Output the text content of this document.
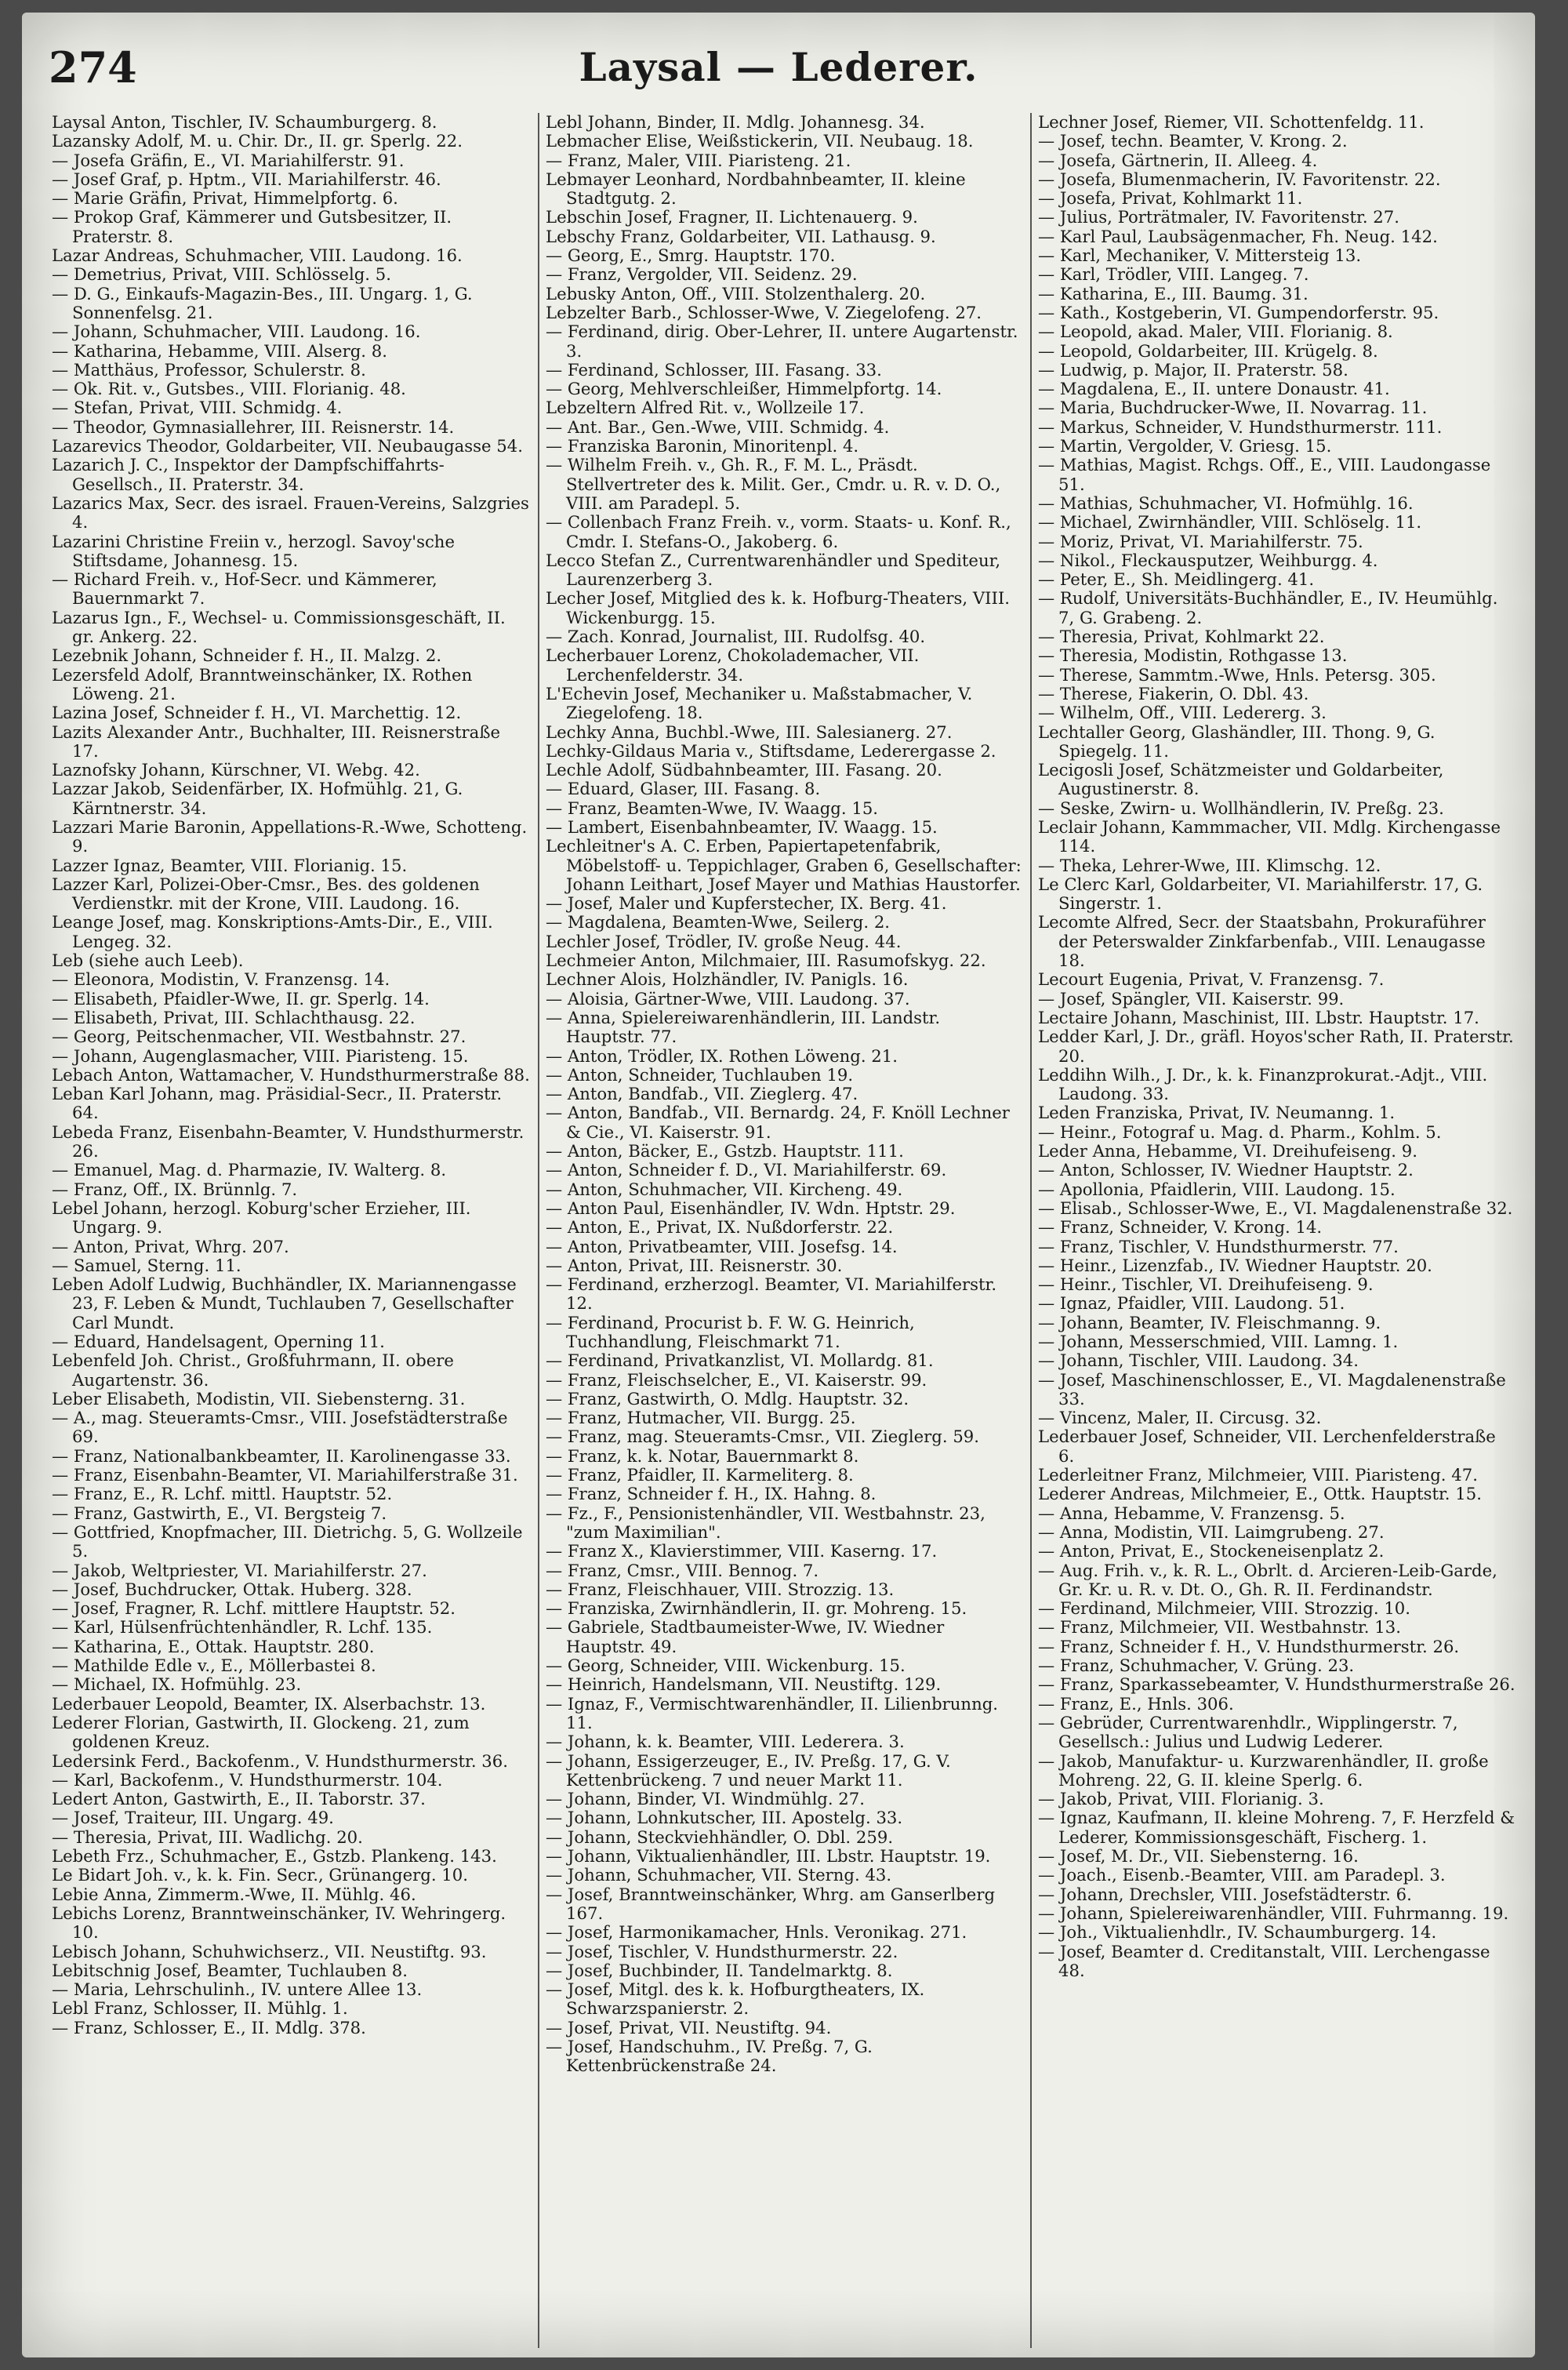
274	Laysal — Lederer.

Laysal Anton, Tischler, IV. Schaumburgerg. 8.

Lazansky Adolf, M. u. Chir. Dr., II. gr. Sperlg. 22.

— Josefa Gräfin, E., VI. Mariahilferstr. 91.

— Josef Graf, p. Hptm., VII. Mariahilferstr. 46.

— Marie Gräfin, Privat, Himmelpfortg. 6.

— Prokop Graf, Kämmerer und Gutsbesitzer, II. Praterstr. 8.

Lazar Andreas, Schuhmacher, VIII. Laudong. 16.

— Demetrius, Privat, VIII. Schlösselg. 5.

— D. G., Einkaufs-Magazin-Bes., III. Ungarg. 1, G. Sonnenfelsg. 21.

— Johann, Schuhmacher, VIII. Laudong. 16.

— Katharina, Hebamme, VIII. Alserg. 8.

— Matthäus, Professor, Schulerstr. 8.

— Ok. Rit. v., Gutsbes., VIII. Florianig. 48.

— Stefan, Privat, VIII. Schmidg. 4.

— Theodor, Gymnasiallehrer, III. Reisnerstr. 14.

Lazarevics Theodor, Goldarbeiter, VII. Neubaugasse 54.

Lazarich J. C., Inspektor der Dampfschiffahrts-Gesellsch., II. Praterstr. 34.

Lazarics Max, Secr. des israel. Frauen-Vereins, Salzgries 4.

Lazarini Christine Freiin v., herzogl. Savoy'sche Stiftsdame, Johannesg. 15.

— Richard Freih. v., Hof-Secr. und Kämmerer, Bauernmarkt 7.

Lazarus Ign., F., Wechsel- u. Commissionsgeschäft, II. gr. Ankerg. 22.

Lezebnik Johann, Schneider f. H., II. Malzg. 2.

Lezersfeld Adolf, Branntweinschänker, IX. Rothen Löweng. 21.

Lazina Josef, Schneider f. H., VI. Marchettig. 12.

Lazits Alexander Antr., Buchhalter, III. Reisnerstraße 17.

Laznofsky Johann, Kürschner, VI. Webg. 42.

Lazzar Jakob, Seidenfärber, IX. Hofmühlg. 21, G. Kärntnerstr. 34.

Lazzari Marie Baronin, Appellations-R.-Wwe, Schotteng. 9.

Lazzer Ignaz, Beamter, VIII. Florianig. 15.

Lazzer Karl, Polizei-Ober-Cmsr., Bes. des goldenen Verdienstkr. mit der Krone, VIII. Laudong. 16.

Leange Josef, mag. Konskriptions-Amts-Dir., E., VIII. Lengeg. 32.

Leb (siehe auch Leeb).

— Eleonora, Modistin, V. Franzensg. 14.

— Elisabeth, Pfaidler-Wwe, II. gr. Sperlg. 14.

— Elisabeth, Privat, III. Schlachthausg. 22.

— Georg, Peitschenmacher, VII. Westbahnstr. 27.

— Johann, Augenglasmacher, VIII. Piaristeng. 15.

Lebach Anton, Wattamacher, V. Hundsthurmerstraße 88.

Leban Karl Johann, mag. Präsidial-Secr., II. Praterstr. 64.

Lebeda Franz, Eisenbahn-Beamter, V. Hundsthurmerstr. 26.

— Emanuel, Mag. d. Pharmazie, IV. Walterg. 8.

— Franz, Off., IX. Brünnlg. 7.

Lebel Johann, herzogl. Koburg'scher Erzieher, III. Ungarg. 9.

— Anton, Privat, Whrg. 207.

— Samuel, Sterng. 11.

Leben Adolf Ludwig, Buchhändler, IX. Mariannengasse 23, F. Leben & Mundt, Tuchlauben 7, Gesellschafter Carl Mundt.

— Eduard, Handelsagent, Operning 11.

Lebenfeld Joh. Christ., Großfuhrmann, II. obere Augartenstr. 36.

Leber Elisabeth, Modistin, VII. Siebensterng. 31.

— A., mag. Steueramts-Cmsr., VIII. Josefstädterstraße 69.

— Franz, Nationalbankbeamter, II. Karolinengasse 33.

— Franz, Eisenbahn-Beamter, VI. Mariahilferstraße 31.

— Franz, E., R. Lchf. mittl. Hauptstr. 52.

— Franz, Gastwirth, E., VI. Bergsteig 7.

— Gottfried, Knopfmacher, III. Dietrichg. 5, G. Wollzeile 5.

— Jakob, Weltpriester, VI. Mariahilferstr. 27.

— Josef, Buchdrucker, Ottak. Huberg. 328.

— Josef, Fragner, R. Lchf. mittlere Hauptstr. 52.

— Karl, Hülsenfrüchtenhändler, R. Lchf. 135.

— Katharina, E., Ottak. Hauptstr. 280.

— Mathilde Edle v., E., Möllerbastei 8.

— Michael, IX. Hofmühlg. 23.

Lederbauer Leopold, Beamter, IX. Alserbachstr. 13.

Lederer Florian, Gastwirth, II. Glockeng. 21, zum goldenen Kreuz.

Ledersink Ferd., Backofenm., V. Hundsthurmerstr. 36.

— Karl, Backofenm., V. Hundsthurmerstr. 104.

Ledert Anton, Gastwirth, E., II. Taborstr. 37.

— Josef, Traiteur, III. Ungarg. 49.

— Theresia, Privat, III. Wadlichg. 20.

Lebeth Frz., Schuhmacher, E., Gstzb. Plankeng. 143.

Le Bidart Joh. v., k. k. Fin. Secr., Grünangerg. 10.

Lebie Anna, Zimmerm.-Wwe, II. Mühlg. 46.

Lebichs Lorenz, Branntweinschänker, IV. Wehringerg. 10.

Lebisch Johann, Schuhwichserz., VII. Neustiftg. 93.

Lebitschnig Josef, Beamter, Tuchlauben 8.

— Maria, Lehrschulinh., IV. untere Allee 13.

Lebl Franz, Schlosser, II. Mühlg. 1.

— Franz, Schlosser, E., II. Mdlg. 378.

Lebl Johann, Binder, II. Mdlg. Johannesg. 34.

Lebmacher Elise, Weißstickerin, VII. Neubaug. 18.

— Franz, Maler, VIII. Piaristeng. 21.

Lebmayer Leonhard, Nordbahnbeamter, II. kleine Stadtgutg. 2.

Lebschin Josef, Fragner, II. Lichtenauerg. 9.

Lebschy Franz, Goldarbeiter, VII. Lathausg. 9.

— Georg, E., Smrg. Hauptstr. 170.

— Franz, Vergolder, VII. Seidenz. 29.

Lebusky Anton, Off., VIII. Stolzenthalerg. 20.

Lebzelter Barb., Schlosser-Wwe, V. Ziegelofeng. 27.

— Ferdinand, dirig. Ober-Lehrer, II. untere Augartenstr. 3.

— Ferdinand, Schlosser, III. Fasang. 33.

— Georg, Mehlverschleißer, Himmelpfortg. 14.

Lebzeltern Alfred Rit. v., Wollzeile 17.

— Ant. Bar., Gen.-Wwe, VIII. Schmidg. 4.

— Franziska Baronin, Minoritenpl. 4.

— Wilhelm Freih. v., Gh. R., F. M. L., Präsdt. Stellvertreter des k. Milit. Ger., Cmdr. u. R. v. D. O., VIII. am Paradepl. 5.

— Collenbach Franz Freih. v., vorm. Staats- u. Konf. R., Cmdr. I. Stefans-O., Jakoberg. 6.

Lecco Stefan Z., Currentwarenhändler und Spediteur, Laurenzerberg 3.

Lecher Josef, Mitglied des k. k. Hofburg-Theaters, VIII. Wickenburgg. 15.

— Zach. Konrad, Journalist, III. Rudolfsg. 40.

Lecherbauer Lorenz, Chokolademacher, VII. Lerchenfelderstr. 34.

L'Echevin Josef, Mechaniker u. Maßstabmacher, V. Ziegelofeng. 18.

Lechky Anna, Buchbl.-Wwe, III. Salesianerg. 27.

Lechky-Gildaus Maria v., Stiftsdame, Lederergasse 2.

Lechle Adolf, Südbahnbeamter, III. Fasang. 20.

— Eduard, Glaser, III. Fasang. 8.

— Franz, Beamten-Wwe, IV. Waagg. 15.

— Lambert, Eisenbahnbeamter, IV. Waagg. 15.

Lechleitner's A. C. Erben, Papiertapetenfabrik, Möbelstoff- u. Teppichlager, Graben 6, Gesellschafter: Johann Leithart, Josef Mayer und Mathias Haustorfer.

— Josef, Maler und Kupferstecher, IX. Berg. 41.

— Magdalena, Beamten-Wwe, Seilerg. 2.

Lechler Josef, Trödler, IV. große Neug. 44.

Lechmeier Anton, Milchmaier, III. Rasumofskyg. 22.

Lechner Alois, Holzhändler, IV. Panigls. 16.

— Aloisia, Gärtner-Wwe, VIII. Laudong. 37.

— Anna, Spielereiwarenhändlerin, III. Landstr. Hauptstr. 77.

— Anton, Trödler, IX. Rothen Löweng. 21.

— Anton, Schneider, Tuchlauben 19.

— Anton, Bandfab., VII. Zieglerg. 47.

— Anton, Bandfab., VII. Bernardg. 24, F. Knöll Lechner & Cie., VI. Kaiserstr. 91.

— Anton, Bäcker, E., Gstzb. Hauptstr. 111.

— Anton, Schneider f. D., VI. Mariahilferstr. 69.

— Anton, Schuhmacher, VII. Kircheng. 49.

— Anton Paul, Eisenhändler, IV. Wdn. Hptstr. 29.

— Anton, E., Privat, IX. Nußdorferstr. 22.

— Anton, Privatbeamter, VIII. Josefsg. 14.

— Anton, Privat, III. Reisnerstr. 30.

— Ferdinand, erzherzogl. Beamter, VI. Mariahilferstr. 12.

— Ferdinand, Procurist b. F. W. G. Heinrich, Tuchhandlung, Fleischmarkt 71.

— Ferdinand, Privatkanzlist, VI. Mollardg. 81.

— Franz, Fleischselcher, E., VI. Kaiserstr. 99.

— Franz, Gastwirth, O. Mdlg. Hauptstr. 32.

— Franz, Hutmacher, VII. Burgg. 25.

— Franz, mag. Steueramts-Cmsr., VII. Zieglerg. 59.

— Franz, k. k. Notar, Bauernmarkt 8.

— Franz, Pfaidler, II. Karmeliterg. 8.

— Franz, Schneider f. H., IX. Hahng. 8.

— Fz., F., Pensionistenhändler, VII. Westbahnstr. 23, "zum Maximilian".

— Franz X., Klavierstimmer, VIII. Kaserng. 17.

— Franz, Cmsr., VIII. Bennog. 7.

— Franz, Fleischhauer, VIII. Strozzig. 13.

— Franziska, Zwirnhändlerin, II. gr. Mohreng. 15.

— Gabriele, Stadtbaumeister-Wwe, IV. Wiedner Hauptstr. 49.

— Georg, Schneider, VIII. Wickenburg. 15.

— Heinrich, Handelsmann, VII. Neustiftg. 129.

— Ignaz, F., Vermischtwarenhändler, II. Lilienbrunng. 11.

— Johann, k. k. Beamter, VIII. Lederera. 3.

— Johann, Essigerzeuger, E., IV. Preßg. 17, G. V. Kettenbrückeng. 7 und neuer Markt 11.

— Johann, Binder, VI. Windmühlg. 27.

— Johann, Lohnkutscher, III. Apostelg. 33.

— Johann, Steckviehhändler, O. Dbl. 259.

— Johann, Viktualienhändler, III. Lbstr. Hauptstr. 19.

— Johann, Schuhmacher, VII. Sterng. 43.

— Josef, Branntweinschänker, Whrg. am Ganserlberg 167.

— Josef, Harmonikamacher, Hnls. Veronikag. 271.

— Josef, Tischler, V. Hundsthurmerstr. 22.

— Josef, Buchbinder, II. Tandelmarktg. 8.

— Josef, Mitgl. des k. k. Hofburgtheaters, IX. Schwarzspanierstr. 2.

— Josef, Privat, VII. Neustiftg. 94.

— Josef, Handschuhm., IV. Preßg. 7, G. Kettenbrückenstraße 24.

Lechner Josef, Riemer, VII. Schottenfeldg. 11.

— Josef, techn. Beamter, V. Krong. 2.

— Josefa, Gärtnerin, II. Alleeg. 4.

— Josefa, Blumenmacherin, IV. Favoritenstr. 22.

— Josefa, Privat, Kohlmarkt 11.

— Julius, Porträtmaler, IV. Favoritenstr. 27.

— Karl Paul, Laubsägenmacher, Fh. Neug. 142.

— Karl, Mechaniker, V. Mittersteig 13.

— Karl, Trödler, VIII. Langeg. 7.

— Katharina, E., III. Baumg. 31.

— Kath., Kostgeberin, VI. Gumpendorferstr. 95.

— Leopold, akad. Maler, VIII. Florianig. 8.

— Leopold, Goldarbeiter, III. Krügelg. 8.

— Ludwig, p. Major, II. Praterstr. 58.

— Magdalena, E., II. untere Donaustr. 41.

— Maria, Buchdrucker-Wwe, II. Novarrag. 11.

— Markus, Schneider, V. Hundsthurmerstr. 111.

— Martin, Vergolder, V. Griesg. 15.

— Mathias, Magist. Rchgs. Off., E., VIII. Laudongasse 51.

— Mathias, Schuhmacher, VI. Hofmühlg. 16.

— Michael, Zwirnhändler, VIII. Schlöselg. 11.

— Moriz, Privat, VI. Mariahilferstr. 75.

— Nikol., Fleckausputzer, Weihburgg. 4.

— Peter, E., Sh. Meidlingerg. 41.

— Rudolf, Universitäts-Buchhändler, E., IV. Heumühlg. 7, G. Grabeng. 2.

— Theresia, Privat, Kohlmarkt 22.

— Theresia, Modistin, Rothgasse 13.

— Therese, Sammtm.-Wwe, Hnls. Petersg. 305.

— Therese, Fiakerin, O. Dbl. 43.

— Wilhelm, Off., VIII. Ledererg. 3.

Lechtaller Georg, Glashändler, III. Thong. 9, G. Spiegelg. 11.

Lecigosli Josef, Schätzmeister und Goldarbeiter, Augustinerstr. 8.

— Seske, Zwirn- u. Wollhändlerin, IV. Preßg. 23.

Leclair Johann, Kammmacher, VII. Mdlg. Kirchengasse 114.

— Theka, Lehrer-Wwe, III. Klimschg. 12.

Le Clerc Karl, Goldarbeiter, VI. Mariahilferstr. 17, G. Singerstr. 1.

Lecomte Alfred, Secr. der Staatsbahn, Prokuraführer der Peterswalder Zinkfarbenfab., VIII. Lenaugasse 18.

Lecourt Eugenia, Privat, V. Franzensg. 7.

— Josef, Spängler, VII. Kaiserstr. 99.

Lectaire Johann, Maschinist, III. Lbstr. Hauptstr. 17.

Ledder Karl, J. Dr., gräfl. Hoyos'scher Rath, II. Praterstr. 20.

Leddihn Wilh., J. Dr., k. k. Finanzprokurat.-Adjt., VIII. Laudong. 33.

Leden Franziska, Privat, IV. Neumanng. 1.

— Heinr., Fotograf u. Mag. d. Pharm., Kohlm. 5.

Leder Anna, Hebamme, VI. Dreihufeiseng. 9.

— Anton, Schlosser, IV. Wiedner Hauptstr. 2.

— Apollonia, Pfaidlerin, VIII. Laudong. 15.

— Elisab., Schlosser-Wwe, E., VI. Magdalenenstraße 32.

— Franz, Schneider, V. Krong. 14.

— Franz, Tischler, V. Hundsthurmerstr. 77.

— Heinr., Lizenzfab., IV. Wiedner Hauptstr. 20.

— Heinr., Tischler, VI. Dreihufeiseng. 9.

— Ignaz, Pfaidler, VIII. Laudong. 51.

— Johann, Beamter, IV. Fleischmanng. 9.

— Johann, Messerschmied, VIII. Lamng. 1.

— Johann, Tischler, VIII. Laudong. 34.

— Josef, Maschinenschlosser, E., VI. Magdalenenstraße 33.

— Vincenz, Maler, II. Circusg. 32.

Lederbauer Josef, Schneider, VII. Lerchenfelderstraße 6.

Lederleitner Franz, Milchmeier, VIII. Piaristeng. 47.

Lederer Andreas, Milchmeier, E., Ottk. Hauptstr. 15.

— Anna, Hebamme, V. Franzensg. 5.

— Anna, Modistin, VII. Laimgrubeng. 27.

— Anton, Privat, E., Stockeneisenplatz 2.

— Aug. Frih. v., k. R. L., Obrlt. d. Arcieren-Leib-Garde, Gr. Kr. u. R. v. Dt. O., Gh. R. II. Ferdinandstr.

— Ferdinand, Milchmeier, VIII. Strozzig. 10.

— Franz, Milchmeier, VII. Westbahnstr. 13.

— Franz, Schneider f. H., V. Hundsthurmerstr. 26.

— Franz, Schuhmacher, V. Grüng. 23.

— Franz, Sparkassebeamter, V. Hundsthurmerstraße 26.

— Franz, E., Hnls. 306.

— Gebrüder, Currentwarenhdlr., Wipplingerstr. 7, Gesellsch.: Julius und Ludwig Lederer.

— Jakob, Manufaktur- u. Kurzwarenhändler, II. große Mohreng. 22, G. II. kleine Sperlg. 6.

— Jakob, Privat, VIII. Florianig. 3.

— Ignaz, Kaufmann, II. kleine Mohreng. 7, F. Herzfeld & Lederer, Kommissionsgeschäft, Fischerg. 1.

— Josef, M. Dr., VII. Siebensterng. 16.

— Joach., Eisenb.-Beamter, VIII. am Paradepl. 3.

— Johann, Drechsler, VIII. Josefstädterstr. 6.

— Johann, Spielereiwarenhändler, VIII. Fuhrmanng. 19.

— Joh., Viktualienhdlr., IV. Schaumburgerg. 14.

— Josef, Beamter d. Creditanstalt, VIII. Lerchengasse 48.
